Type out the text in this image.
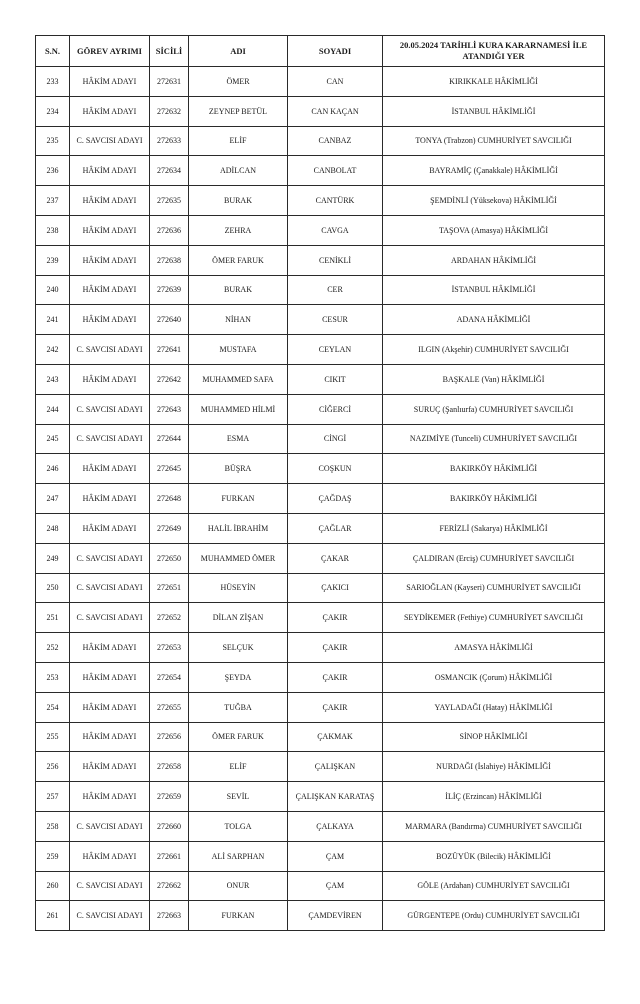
S.N.	GÖREV AYRIMI	SİCİLİ	ADI	SOYADI	20.05.2024 TARİHLİ KURA KARARNAMESİ İLE ATANDIĞI YER
233	HÂKİM ADAYI	272631	ÖMER	CAN	KIRIKKALE HÂKİMLİĞİ
234	HÂKİM ADAYI	272632	ZEYNEP BETÜL	CAN KAÇAN	İSTANBUL HÂKİMLİĞİ
235	C. SAVCISI ADAYI	272633	ELİF	CANBAZ	TONYA (Trabzon) CUMHURİYET SAVCILIĞI
236	HÂKİM ADAYI	272634	ADİLCAN	CANBOLAT	BAYRAMİÇ (Çanakkale) HÂKİMLİĞİ
237	HÂKİM ADAYI	272635	BURAK	CANTÜRK	ŞEMDİNLİ (Yüksekova) HÂKİMLİĞİ
238	HÂKİM ADAYI	272636	ZEHRA	CAVGA	TAŞOVA (Amasya) HÂKİMLİĞİ
239	HÂKİM ADAYI	272638	ÖMER FARUK	CENİKLİ	ARDAHAN HÂKİMLİĞİ
240	HÂKİM ADAYI	272639	BURAK	CER	İSTANBUL HÂKİMLİĞİ
241	HÂKİM ADAYI	272640	NİHAN	CESUR	ADANA HÂKİMLİĞİ
242	C. SAVCISI ADAYI	272641	MUSTAFA	CEYLAN	ILGIN (Akşehir) CUMHURİYET SAVCILIĞI
243	HÂKİM ADAYI	272642	MUHAMMED SAFA	CIKIT	BAŞKALE (Van) HÂKİMLİĞİ
244	C. SAVCISI ADAYI	272643	MUHAMMED HİLMİ	CİĞERCİ	SURUÇ (Şanlıurfa) CUMHURİYET SAVCILIĞI
245	C. SAVCISI ADAYI	272644	ESMA	CİNGİ	NAZIMİYE (Tunceli) CUMHURİYET SAVCILIĞI
246	HÂKİM ADAYI	272645	BÜŞRA	COŞKUN	BAKIRKÖY HÂKİMLİĞİ
247	HÂKİM ADAYI	272648	FURKAN	ÇAĞDAŞ	BAKIRKÖY HÂKİMLİĞİ
248	HÂKİM ADAYI	272649	HALİL İBRAHİM	ÇAĞLAR	FERİZLİ (Sakarya) HÂKİMLİĞİ
249	C. SAVCISI ADAYI	272650	MUHAMMED ÖMER	ÇAKAR	ÇALDIRAN (Erciş) CUMHURİYET SAVCILIĞI
250	C. SAVCISI ADAYI	272651	HÜSEYİN	ÇAKICI	SARIOĞLAN (Kayseri) CUMHURİYET SAVCILIĞI
251	C. SAVCISI ADAYI	272652	DİLAN ZİŞAN	ÇAKIR	SEYDİKEMER (Fethiye) CUMHURİYET SAVCILIĞI
252	HÂKİM ADAYI	272653	SELÇUK	ÇAKIR	AMASYA HÂKİMLİĞİ
253	HÂKİM ADAYI	272654	ŞEYDA	ÇAKIR	OSMANCIK (Çorum) HÂKİMLİĞİ
254	HÂKİM ADAYI	272655	TUĞBA	ÇAKIR	YAYLADAĞI (Hatay) HÂKİMLİĞİ
255	HÂKİM ADAYI	272656	ÖMER FARUK	ÇAKMAK	SİNOP HÂKİMLİĞİ
256	HÂKİM ADAYI	272658	ELİF	ÇALIŞKAN	NURDAĞI (İslahiye) HÂKİMLİĞİ
257	HÂKİM ADAYI	272659	SEVİL	ÇALIŞKAN KARATAŞ	İLİÇ (Erzincan) HÂKİMLİĞİ
258	C. SAVCISI ADAYI	272660	TOLGA	ÇALKAYA	MARMARA (Bandırma) CUMHURİYET SAVCILIĞI
259	HÂKİM ADAYI	272661	ALİ SARPHAN	ÇAM	BOZÜYÜK (Bilecik) HÂKİMLİĞİ
260	C. SAVCISI ADAYI	272662	ONUR	ÇAM	GÖLE (Ardahan) CUMHURİYET SAVCILIĞI
261	C. SAVCISI ADAYI	272663	FURKAN	ÇAMDEVİREN	GÜRGENTEPE (Ordu) CUMHURİYET SAVCILIĞI
